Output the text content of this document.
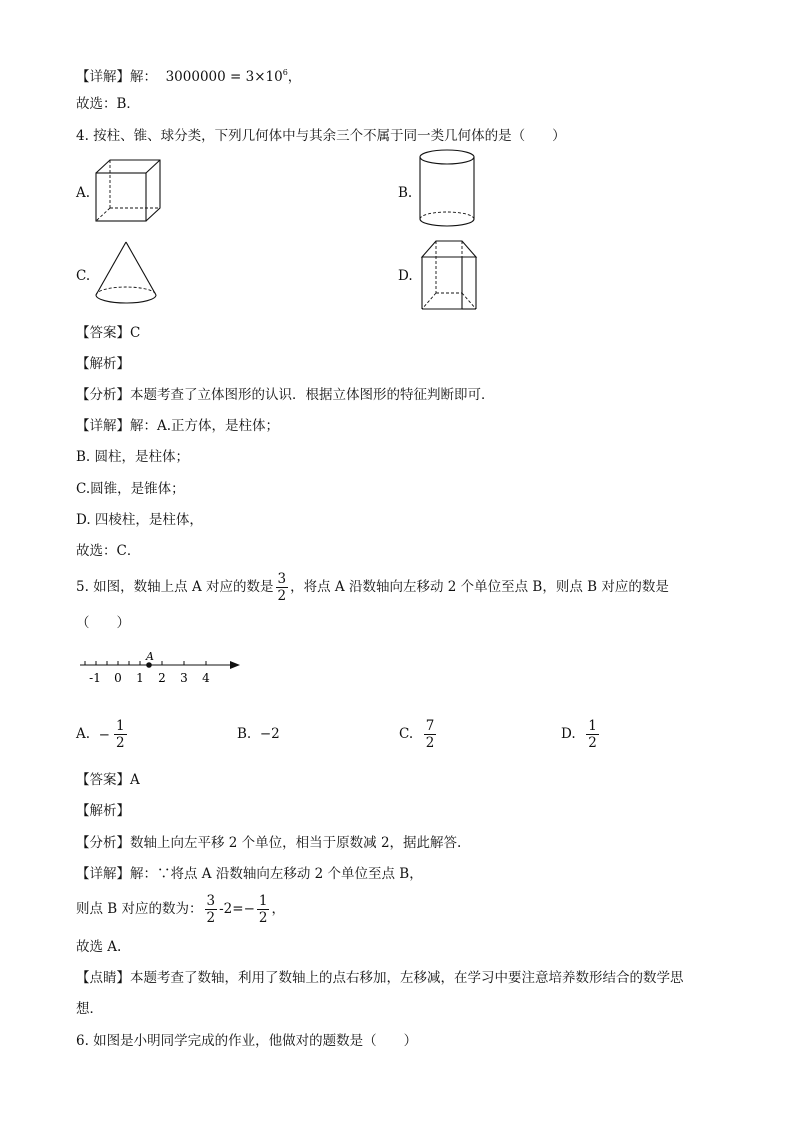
【详解】解： $3000000 = 3\times 10^6$，
故选：B．
4. 按柱、锥、球分类，下列几何体中与其余三个不属于同一类几何体的是（　　）
A.	B.
C.	D.
【答案】C
【解析】
【分析】本题考查了立体图形的认识．根据立体图形的特征判断即可．
【详解】解：A.正方体，是柱体；
B. 圆柱，是柱体；
C.圆锥，是锥体；
D. 四棱柱，是柱体，
故选：C．
5. 如图，数轴上点 A 对应的数是 $\frac{3}{2}$ ，将点 A 沿数轴向左移动 2 个单位至点 B，则点 B 对应的数是
（　　）
A
-1 0 1 2 3 4
A. − $\frac{1}{2}$	B. −2	C. $\frac{7}{2}$	D. $\frac{1}{2}$
【答案】A
【解析】
【分析】数轴上向左平移 2 个单位，相当于原数减 2，据此解答.
【详解】解：∵将点 A 沿数轴向左移动 2 个单位至点 B，
则点 B 对应的数为： $\frac{3}{2} -2=- \frac{1}{2}$ ，
故选 A.
【点睛】本题考查了数轴，利用了数轴上的点右移加，左移减，在学习中要注意培养数形结合的数学思
想．
6. 如图是小明同学完成的作业，他做对的题数是（　　）
